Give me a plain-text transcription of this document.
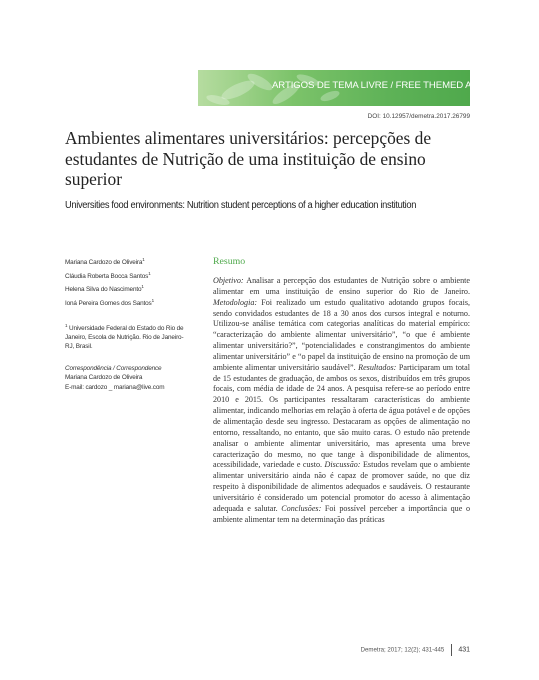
ARTIGOS DE TEMA LIVRE / FREE THEMED ARTICLES
DOI: 10.12957/demetra.2017.26799
Ambientes alimentares universitários: percepções de estudantes de Nutrição de uma instituição de ensino superior
Universities food environments: Nutrition student perceptions of a higher education institution
Mariana Cardozo de Oliveira$^1$
Cláudia Roberta Bocca Santos$^1$
Helena Silva do Nascimento$^1$
Ioná Pereira Gomes dos Santos$^1$
$^1$ Universidade Federal do Estado do Rio de Janeiro, Escola de Nutrição. Rio de Janeiro-RJ, Brasil.
Correspondência / Correspondence
Mariana Cardozo de Oliveira
E-mail: cardozo _ mariana@live.com
Resumo

Objetivo: Analisar a percepção dos estudantes de Nutrição sobre o ambiente alimentar em uma instituição de ensino superior do Rio de Janeiro. Metodologia: Foi realizado um estudo qualitativo adotando grupos focais, sendo convidados estudantes de 18 a 30 anos dos cursos integral e noturno. Utilizou-se análise temática com categorias analíticas do material empírico: “caracterização do ambiente alimentar universitário”, “o que é ambiente alimentar universitário?”, “potencialidades e constrangimentos do ambiente alimentar universitário” e “o papel da instituição de ensino na promoção de um ambiente alimentar universitário saudável”. Resultados: Participaram um total de 15 estudantes de graduação, de ambos os sexos, distribuídos em três grupos focais, com média de idade de 24 anos. A pesquisa refere-se ao período entre 2010 e 2015. Os participantes ressaltaram características do ambiente alimentar, indicando melhorias em relação à oferta de água potável e de opções de alimentação desde seu ingresso. Destacaram as opções de alimentação no entorno, ressaltando, no entanto, que são muito caras. O estudo não pretende analisar o ambiente alimentar universitário, mas apresenta uma breve caracterização do mesmo, no que tange à disponibilidade de alimentos, acessibilidade, variedade e custo. Discussão: Estudos revelam que o ambiente alimentar universitário ainda não é capaz de promover saúde, no que diz respeito à disponibilidade de alimentos adequados e saudáveis. O restaurante universitário é considerado um potencial promotor do acesso à alimentação adequada e salutar. Conclusões: Foi possível perceber a importância que o ambiente alimentar tem na determinação das práticas

Demetra; 2017; 12(2); 431-445 431
